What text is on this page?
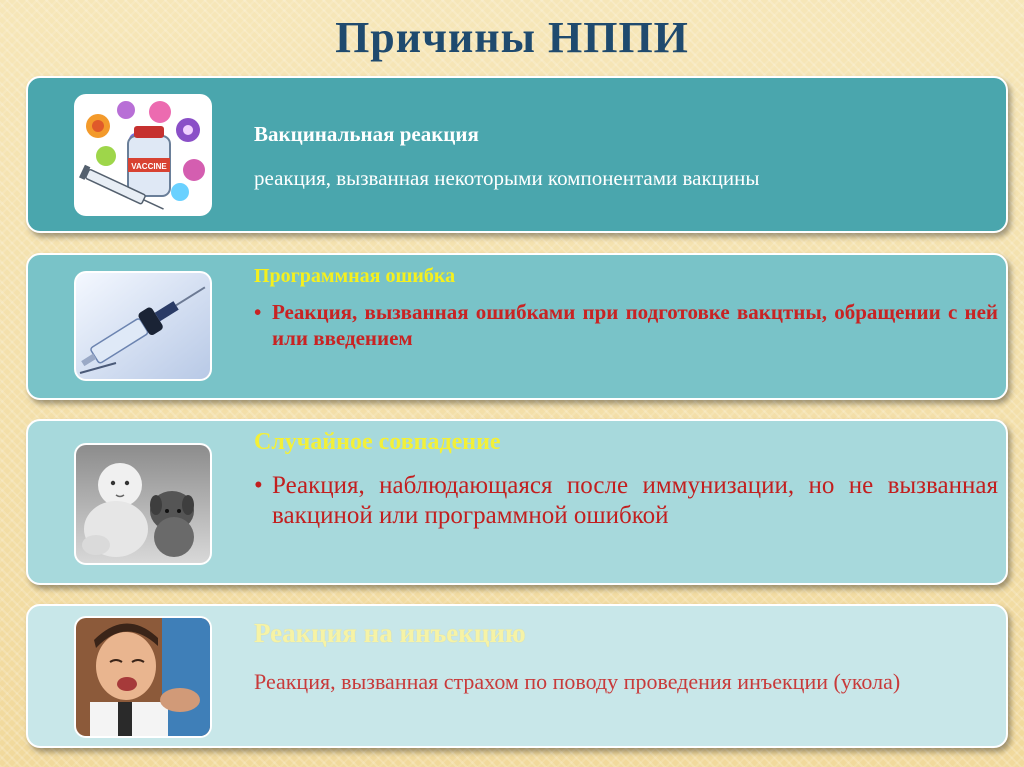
Причины НППИ
VACCINE
Вакцинальная реакция
реакция, вызванная некоторыми компонентами вакцины
Программная ошибка
• Реакция, вызванная ошибками при подготовке вакцтны, обращении с ней или введением
Случайное совпадение
• Реакция, наблюдающаяся после иммунизации, но не вызванная вакциной или программной ошибкой
Реакция на инъекцию
Реакция, вызванная страхом по поводу проведения инъекции (укола)
